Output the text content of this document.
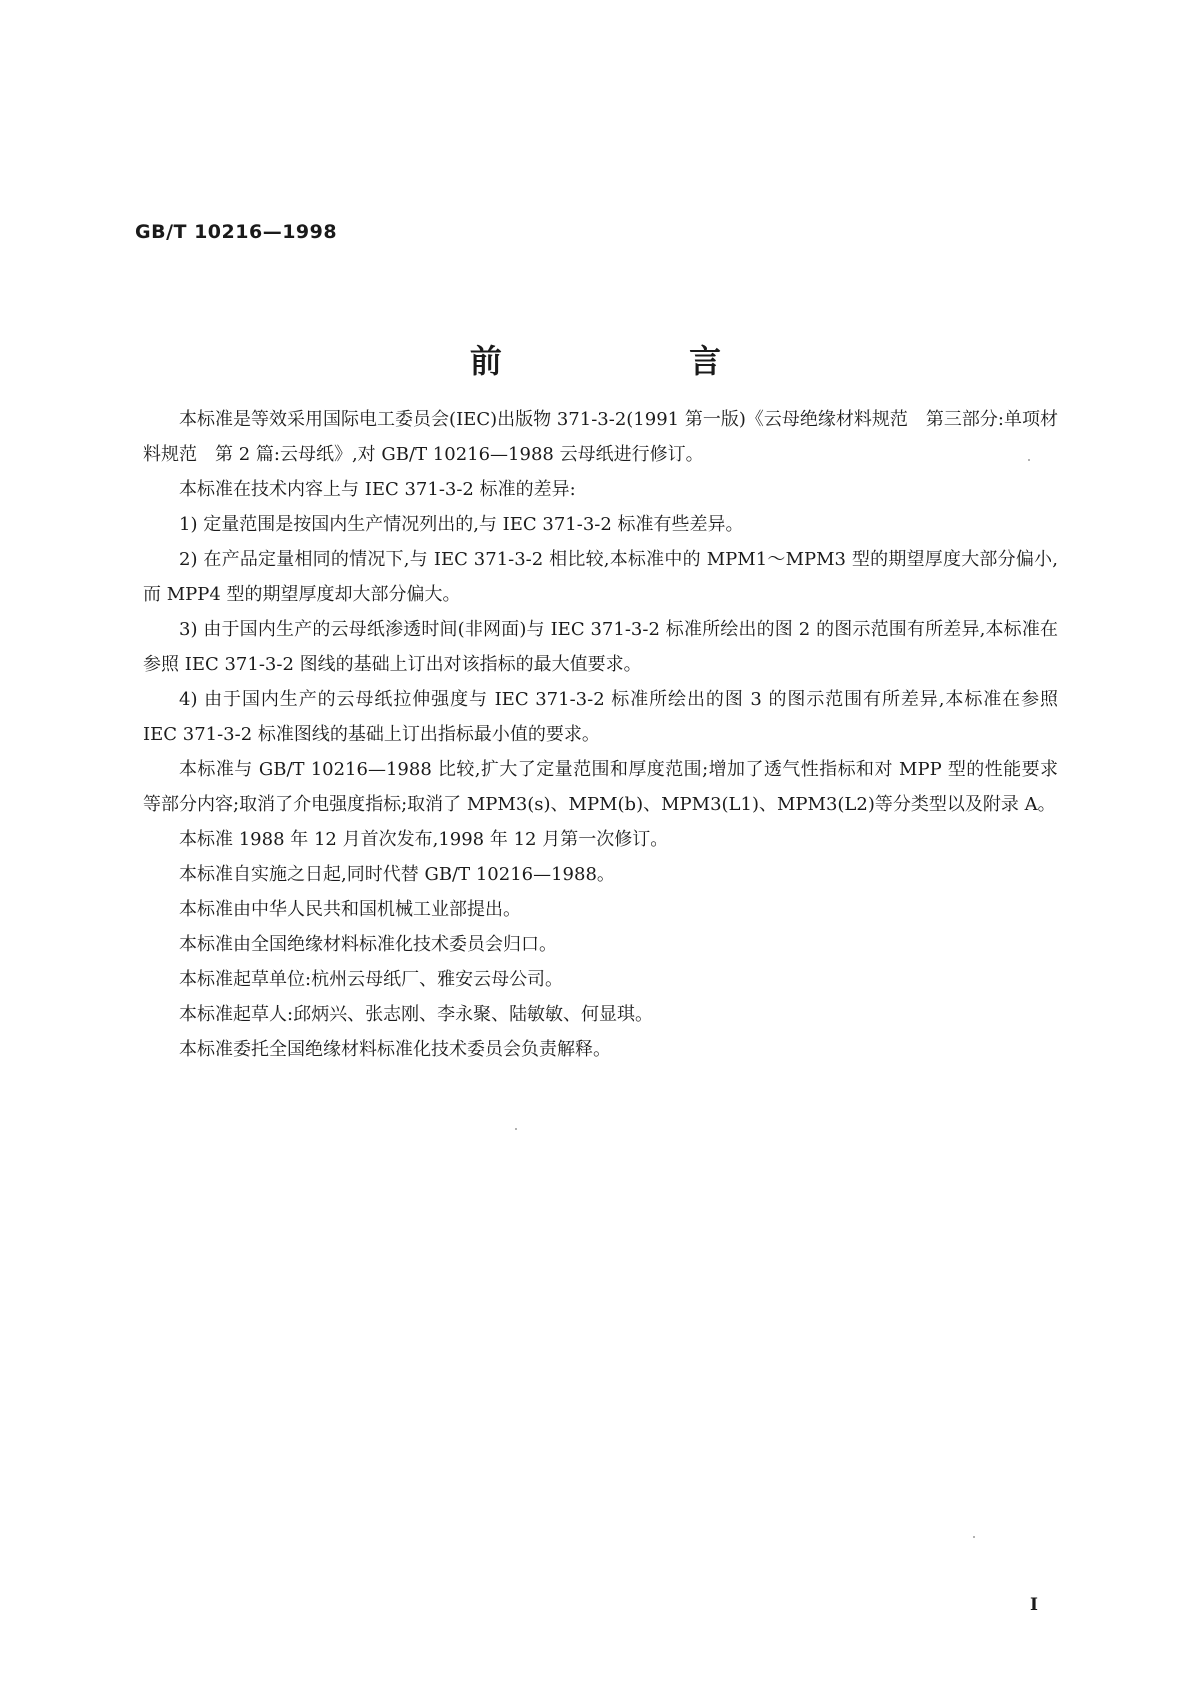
GB/T 10216—1998
前 言

本标准是等效采用国际电工委员会(IEC)出版物 371-3-2(1991 第一版)《云母绝缘材料规范　第三部分:单项材料规范　第 2 篇:云母纸》,对 GB/T 10216—1988 云母纸进行修订。

本标准在技术内容上与 IEC 371-3-2 标准的差异:

1) 定量范围是按国内生产情况列出的,与 IEC 371-3-2 标准有些差异。

2) 在产品定量相同的情况下,与 IEC 371-3-2 相比较,本标准中的 MPM1～MPM3 型的期望厚度大部分偏小,而 MPP4 型的期望厚度却大部分偏大。

3) 由于国内生产的云母纸渗透时间(非网面)与 IEC 371-3-2 标准所绘出的图 2 的图示范围有所差异,本标准在参照 IEC 371-3-2 图线的基础上订出对该指标的最大值要求。

4) 由于国内生产的云母纸拉伸强度与 IEC 371-3-2 标准所绘出的图 3 的图示范围有所差异,本标准在参照 IEC 371-3-2 标准图线的基础上订出指标最小值的要求。

本标准与 GB/T 10216—1988 比较,扩大了定量范围和厚度范围;增加了透气性指标和对 MPP 型的性能要求等部分内容;取消了介电强度指标;取消了 MPM3(s)、MPM(b)、MPM3(L1)、MPM3(L2)等分类型以及附录 A。

本标准 1988 年 12 月首次发布,1998 年 12 月第一次修订。

本标准自实施之日起,同时代替 GB/T 10216—1988。

本标准由中华人民共和国机械工业部提出。

本标准由全国绝缘材料标准化技术委员会归口。

本标准起草单位:杭州云母纸厂、雅安云母公司。

本标准起草人:邱炳兴、张志刚、李永聚、陆敏敏、何显琪。

本标准委托全国绝缘材料标准化技术委员会负责解释。

I
